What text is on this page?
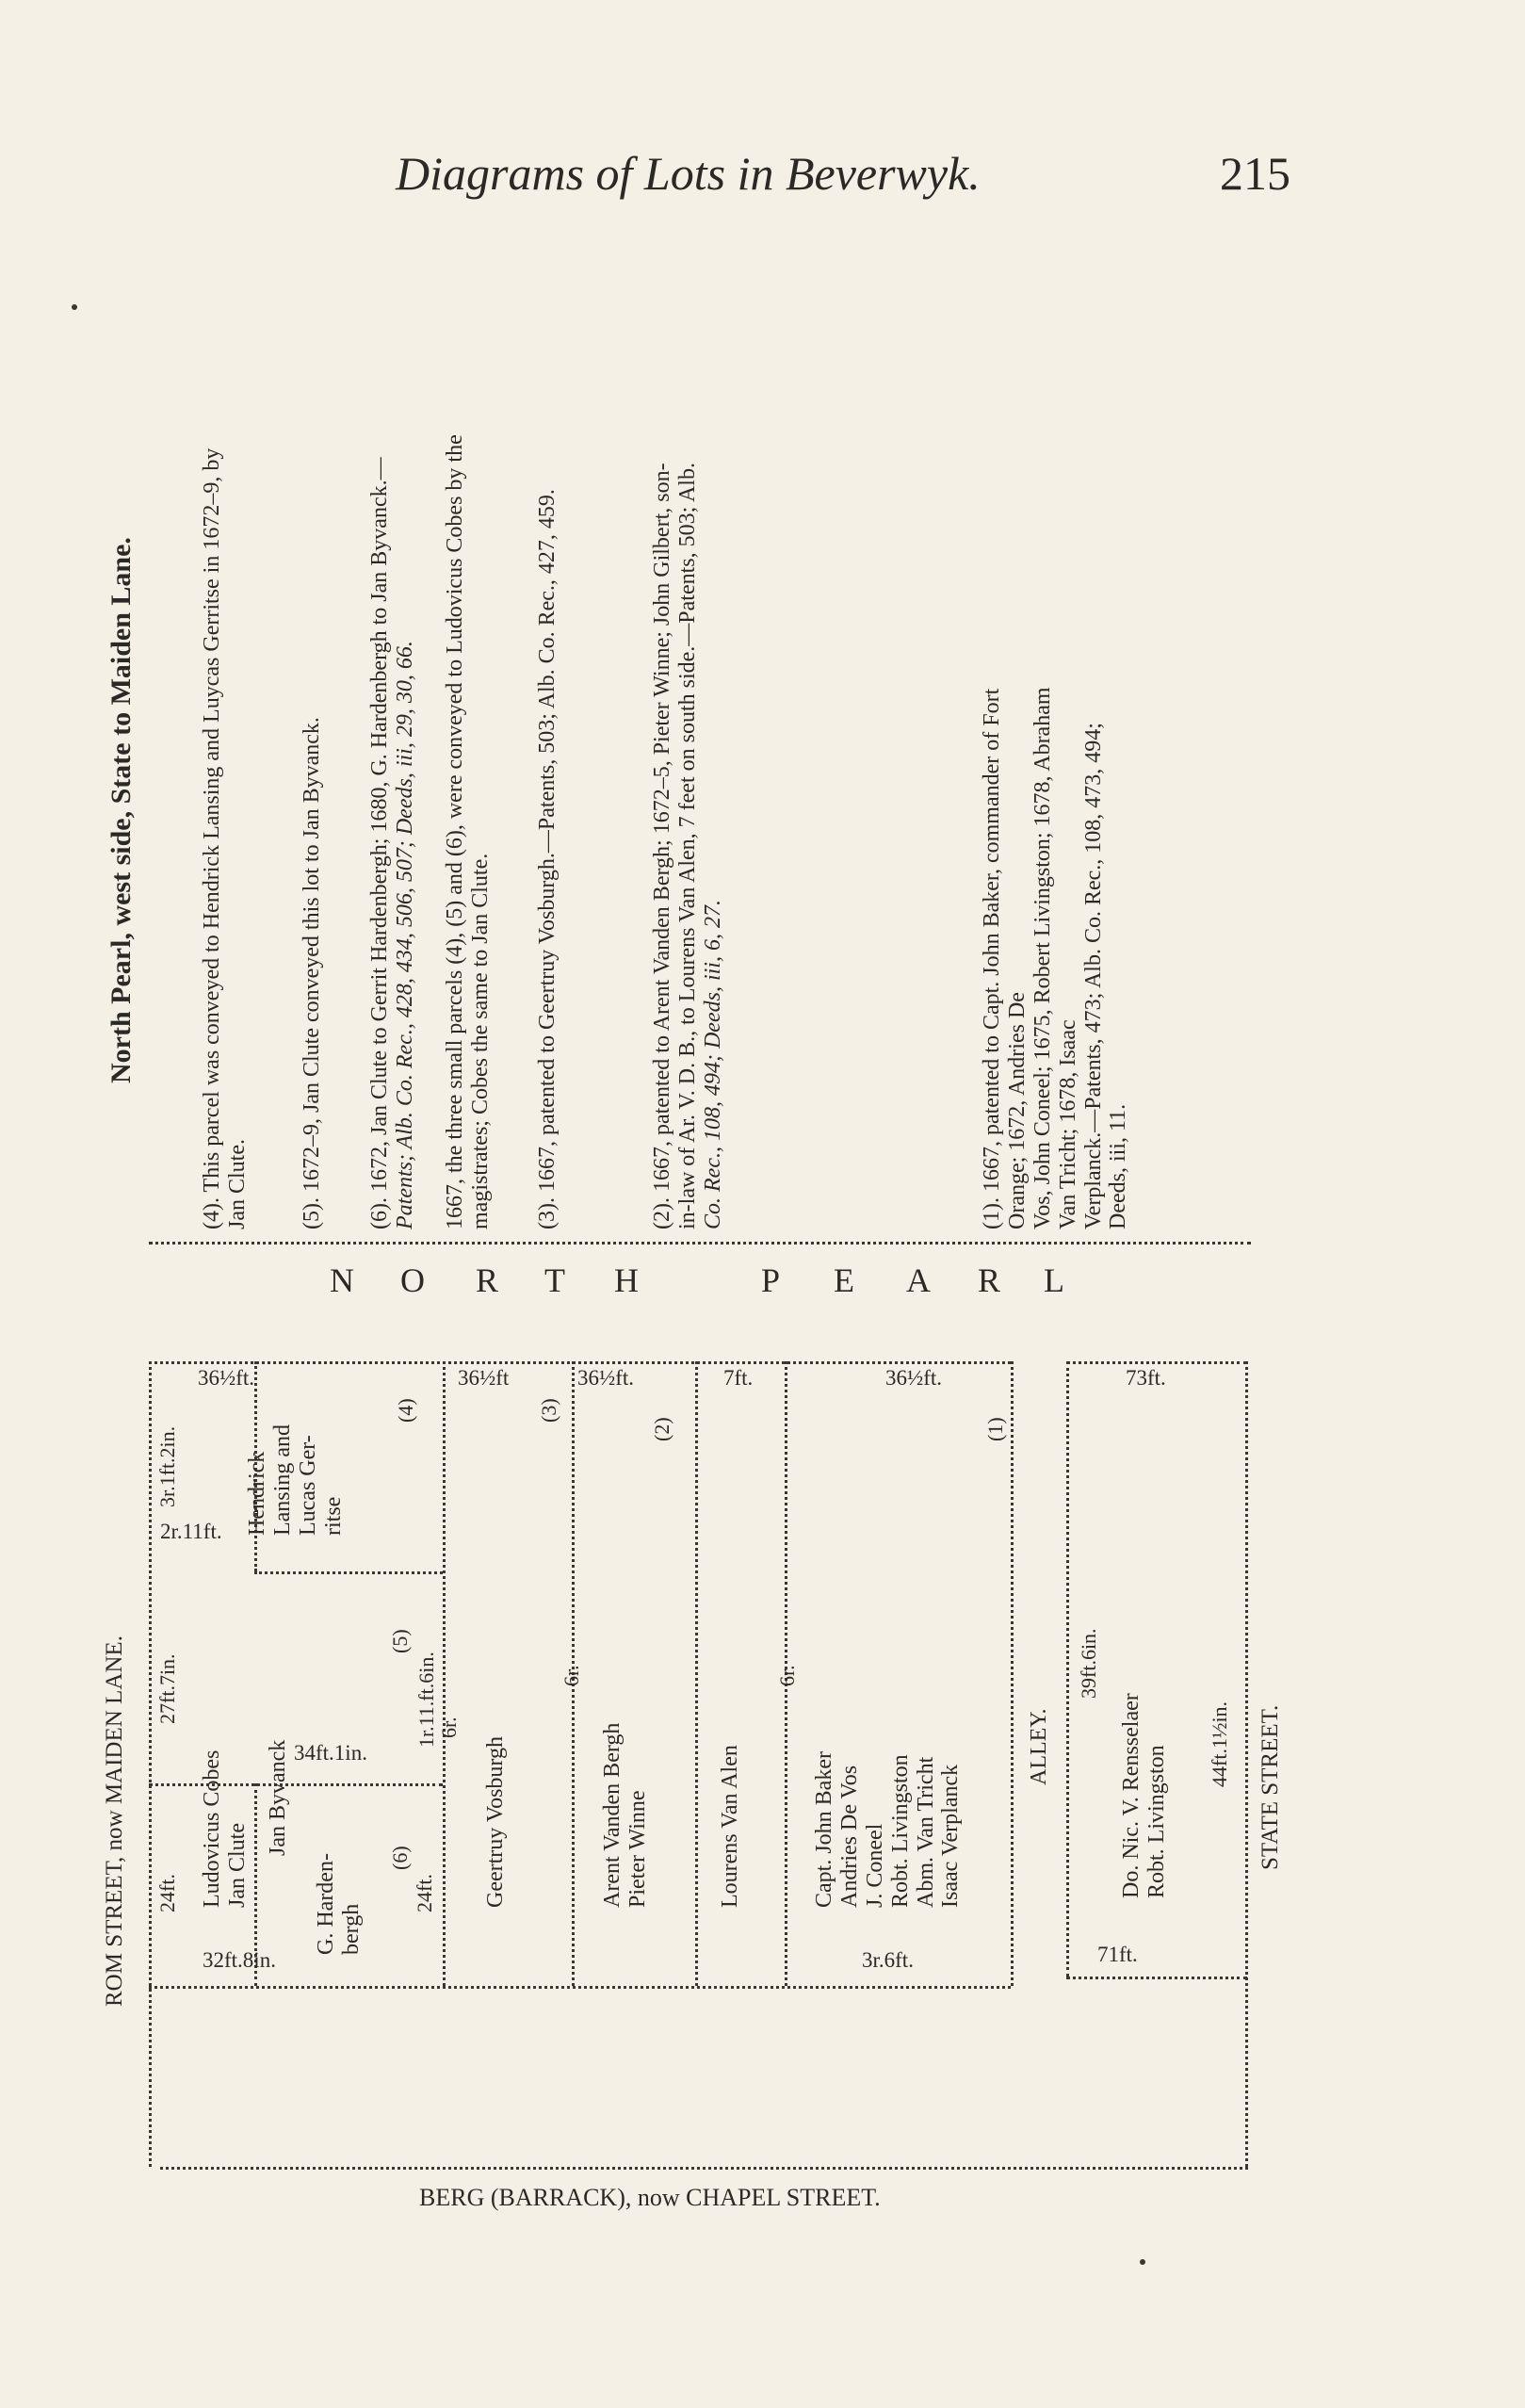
Diagrams of Lots in Beverwyk.	215
North Pearl, west side, State to Maiden Lane.	(4). This parcel was conveyed to Hendrick Lansing and Luycas Gerritse in 1672–9, by Jan Clute. (5). 1672–9, Jan Clute conveyed this lot to Jan Byvanck. (6). 1672, Jan Clute to Gerrit Hardenbergh; 1680, G. Hardenbergh to Jan Byvanck.— Patents; Alb. Co. Rec., 428, 434, 506, 507; Deeds, iii, 29, 30, 66. 1667, the three small parcels (4), (5) and (6), were conveyed to Ludovicus Cobes by the magistrates; Cobes the same to Jan Clute. (3). 1667, patented to Geertruy Vosburgh.—Patents, 503; Alb. Co. Rec., 427, 459.	(2). 1667, patented to Arent Vanden Bergh; 1672–5, Pieter Winne; John Gilbert, son- in-law of Ar. V. D. B., to Lourens Van Alen, 7 feet on south side.—Patents, 503; Alb. Co. Rec., 108, 494; Deeds, iii, 6, 27.	(1). 1667, patented to Capt. John Baker, commander of Fort Orange; 1672, Andries De Vos, John Coneel; 1675, Robert Livingston; 1678, Abraham Van Tricht; 1678, Isaac Verplanck.—Patents, 473; Alb. Co. Rec., 108, 473, 494; Deeds, iii, 11.
N O R T H	P E A R L
36½ft.	36½ft	36½ft.	7ft.	36½ft.	73ft.
2r.11ft.
34ft.1in.
32ft.8in.	3r.6ft.	71ft.
3r.1ft.2in.
27ft.7in.
24ft.	24ft.
1r.11.ft.6in. 6r.
6r.	6r.	39ft.6in.
44ft.1½in.
(4)
(5)
(6)
(3)
(2)	(1)
Hendrick Lansing and Lucas Ger- ritse
Ludovicus Cobes Jan Clute
Jan Byvanck
G. Harden- bergh
Geertruy Vosburgh	Arent Vanden Bergh Pieter Winne	Lourens Van Alen	Capt. John Baker Andries De Vos J. Coneel Robt. Livingston Abm. Van Tricht Isaac Verplanck	Do. Nic. V. Rensselaer Robt. Livingston
ALLEY.
ROM STREET, now MAIDEN LANE.	STATE STREET.
BERG (BARRACK), now CHAPEL STREET.
